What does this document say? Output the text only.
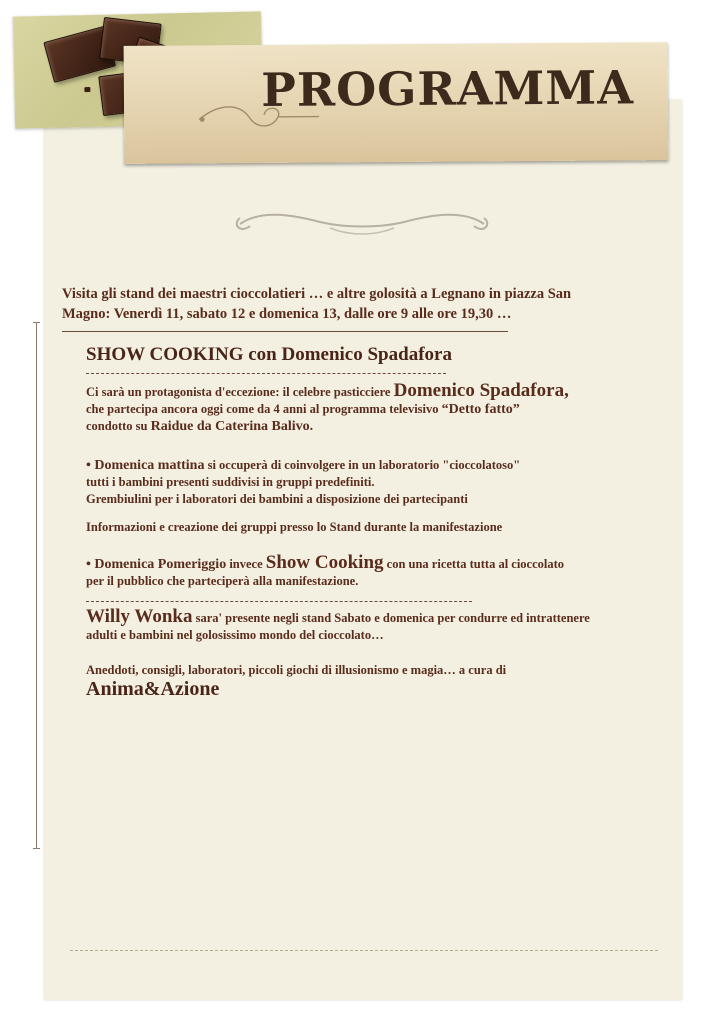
PROGRAMMA
Visita gli stand dei maestri cioccolatieri … e altre golosità a Legnano in piazza San
Magno: Venerdì 11, sabato 12 e domenica 13, dalle ore 9 alle ore 19,30 …
SHOW COOKING con Domenico Spadafora
Ci sarà un protagonista d'eccezione: il celebre pasticciere Domenico Spadafora,
che partecipa ancora oggi come da 4 anni al programma televisivo “Detto fatto”
condotto su Raidue da Caterina Balivo.
• Domenica mattina si occuperà di coinvolgere in un laboratorio "cioccolatoso"
tutti i bambini presenti suddivisi in gruppi predefiniti.
Grembiulini per i laboratori dei bambini a disposizione dei partecipanti
Informazioni e creazione dei gruppi presso lo Stand durante la manifestazione
• Domenica Pomeriggio invece Show Cooking con una ricetta tutta al cioccolato
per il pubblico che parteciperà alla manifestazione.
Willy Wonka sara' presente negli stand Sabato e domenica per condurre ed intrattenere
adulti e bambini nel golosissimo mondo del cioccolato…
Aneddoti, consigli, laboratori, piccoli giochi di illusionismo e magia… a cura di
Anima&Azione
